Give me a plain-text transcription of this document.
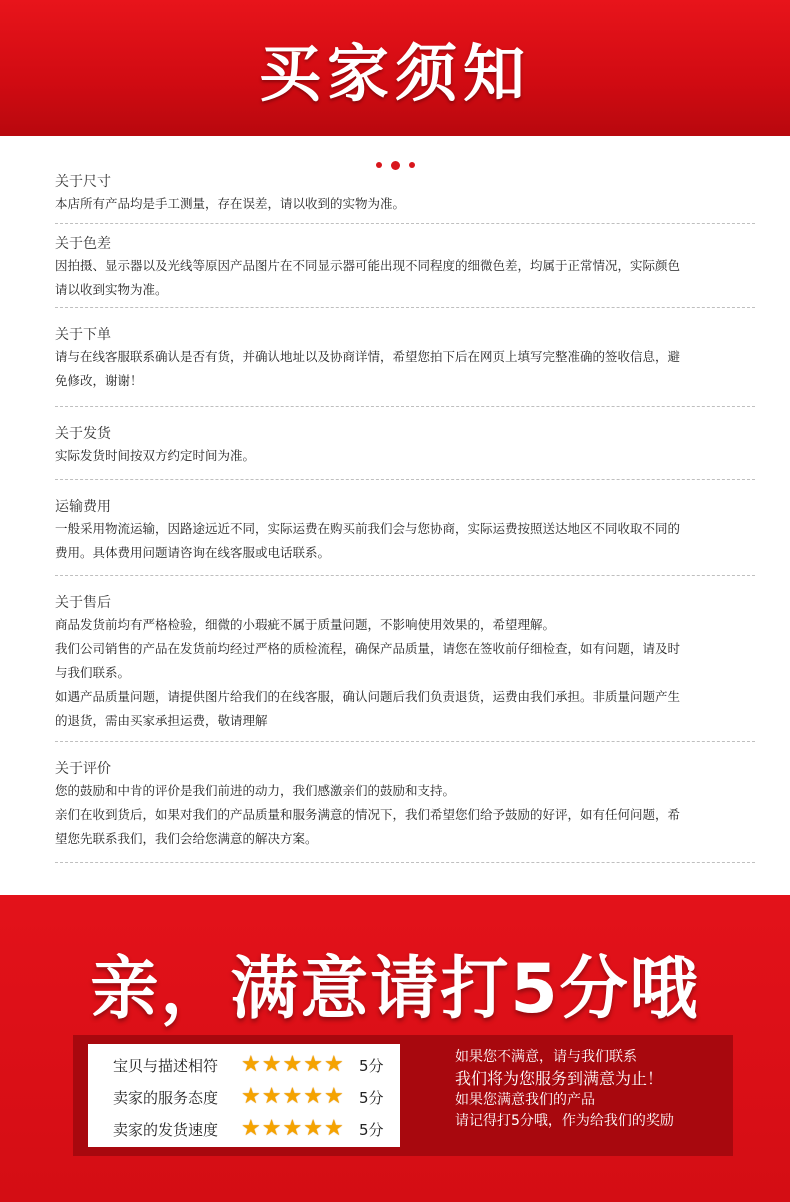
买家须知
关于尺寸
本店所有产品均是手工测量，存在误差，请以收到的实物为准。
关于色差
因拍摄、显示器以及光线等原因产品图片在不同显示器可能出现不同程度的细微色差，均属于正常情况，实际颜色
请以收到实物为准。
关于下单
请与在线客服联系确认是否有货，并确认地址以及协商详情，希望您拍下后在网页上填写完整准确的签收信息，避
免修改，谢谢！
关于发货
实际发货时间按双方约定时间为准。
运输费用
一般采用物流运输，因路途远近不同，实际运费在购买前我们会与您协商，实际运费按照送达地区不同收取不同的
费用。具体费用问题请咨询在线客服或电话联系。
关于售后
商品发货前均有严格检验，细微的小瑕疵不属于质量问题，不影响使用效果的，希望理解。
我们公司销售的产品在发货前均经过严格的质检流程，确保产品质量，请您在签收前仔细检查，如有问题，请及时
与我们联系。
如遇产品质量问题，请提供图片给我们的在线客服，确认问题后我们负责退货，运费由我们承担。非质量问题产生
的退货，需由买家承担运费，敬请理解
关于评价
您的鼓励和中肯的评价是我们前进的动力，我们感激亲们的鼓励和支持。
亲们在收到货后，如果对我们的产品质量和服务满意的情况下，我们希望您们给予鼓励的好评，如有任何问题，希
望您先联系我们，我们会给您满意的解决方案。
亲，满意请打5分哦
宝贝与描述相符	★ ★ ★ ★ ★ 5分
卖家的服务态度	★ ★ ★ ★ ★ 5分
卖家的发货速度	★ ★ ★ ★ ★ 5分
如果您不满意，请与我们联系
我们将为您服务到满意为止！
如果您满意我们的产品
请记得打5分哦，作为给我们的奖励
